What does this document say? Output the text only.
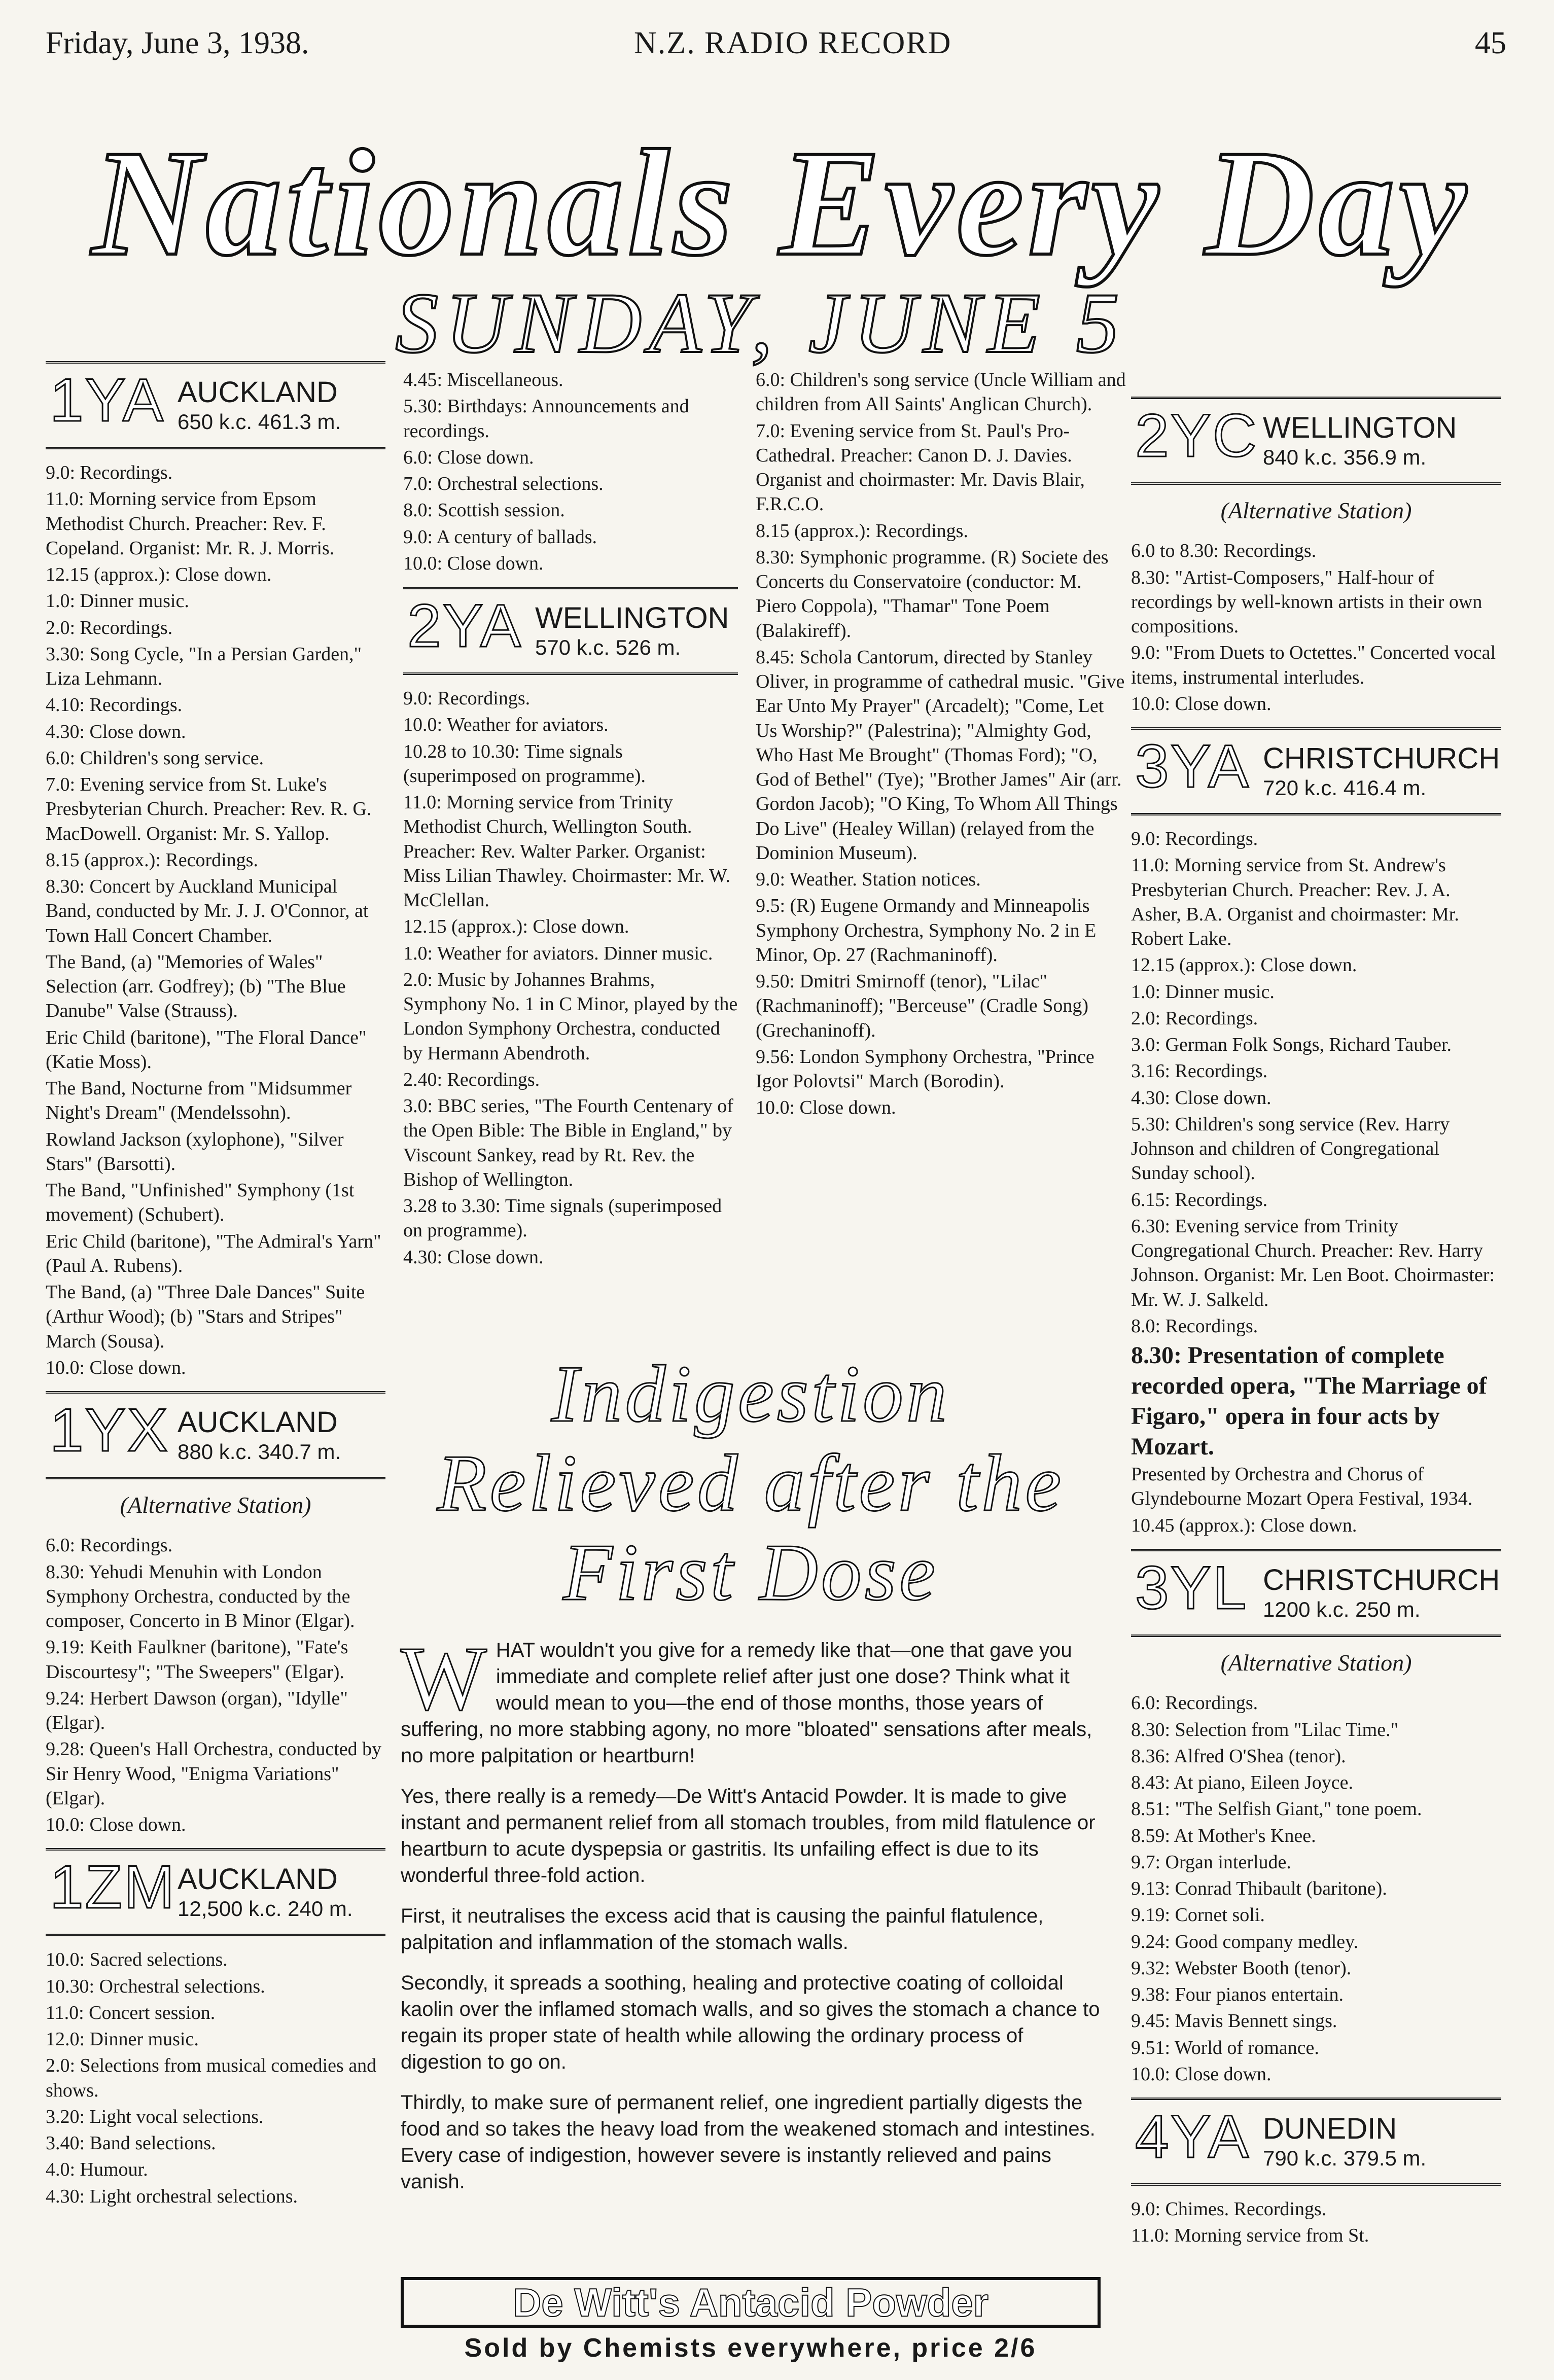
Friday, June 3, 1938.	N.Z. RADIO RECORD	45
Nationals Every Day
SUNDAY, JUNE 5
1YA AUCKLAND
650 k.c. 461.3 m.

9.0: Recordings.

11.0: Morning service from Epsom Methodist Church. Preacher: Rev. F. Copeland. Organist: Mr. R. J. Morris.

12.15 (approx.): Close down.

1.0: Dinner music.

2.0: Recordings.

3.30: Song Cycle, "In a Persian Garden," Liza Lehmann.

4.10: Recordings.

4.30: Close down.

6.0: Children's song service.

7.0: Evening service from St. Luke's Presbyterian Church. Preacher: Rev. R. G. MacDowell. Organist: Mr. S. Yallop.

8.15 (approx.): Recordings.

8.30: Concert by Auckland Municipal Band, conducted by Mr. J. J. O'Connor, at Town Hall Concert Chamber.

The Band, (a) "Memories of Wales" Selection (arr. Godfrey); (b) "The Blue Danube" Valse (Strauss).

Eric Child (baritone), "The Floral Dance" (Katie Moss).

The Band, Nocturne from "Midsummer Night's Dream" (Mendelssohn).

Rowland Jackson (xylophone), "Silver Stars" (Barsotti).

The Band, "Unfinished" Symphony (1st movement) (Schubert).

Eric Child (baritone), "The Admiral's Yarn" (Paul A. Rubens).

The Band, (a) "Three Dale Dances" Suite (Arthur Wood); (b) "Stars and Stripes" March (Sousa).

10.0: Close down.

1YX AUCKLAND
880 k.c. 340.7 m.
(Alternative Station)

6.0: Recordings.

8.30: Yehudi Menuhin with London Symphony Orchestra, conducted by the composer, Concerto in B Minor (Elgar).

9.19: Keith Faulkner (baritone), "Fate's Discourtesy"; "The Sweepers" (Elgar).

9.24: Herbert Dawson (organ), "Idylle" (Elgar).

9.28: Queen's Hall Orchestra, conducted by Sir Henry Wood, "Enigma Variations" (Elgar).

10.0: Close down.

1ZM AUCKLAND
12,500 k.c. 240 m.

10.0: Sacred selections.

10.30: Orchestral selections.

11.0: Concert session.

12.0: Dinner music.

2.0: Selections from musical comedies and shows.

3.20: Light vocal selections.

3.40: Band selections.

4.0: Humour.

4.30: Light orchestral selections.

4.45: Miscellaneous.

5.30: Birthdays: Announcements and recordings.

6.0: Close down.

7.0: Orchestral selections.

8.0: Scottish session.

9.0: A century of ballads.

10.0: Close down.

2YA WELLINGTON
570 k.c. 526 m.

9.0: Recordings.

10.0: Weather for aviators.

10.28 to 10.30: Time signals (superimposed on programme).

11.0: Morning service from Trinity Methodist Church, Wellington South. Preacher: Rev. Walter Parker. Organist: Miss Lilian Thawley. Choirmaster: Mr. W. McClellan.

12.15 (approx.): Close down.

1.0: Weather for aviators. Dinner music.

2.0: Music by Johannes Brahms, Symphony No. 1 in C Minor, played by the London Symphony Orchestra, conducted by Hermann Abendroth.

2.40: Recordings.

3.0: BBC series, "The Fourth Centenary of the Open Bible: The Bible in England," by Viscount Sankey, read by Rt. Rev. the Bishop of Wellington.

3.28 to 3.30: Time signals (superimposed on programme).

4.30: Close down.

6.0: Children's song service (Uncle William and children from All Saints' Anglican Church).

7.0: Evening service from St. Paul's Pro-Cathedral. Preacher: Canon D. J. Davies. Organist and choirmaster: Mr. Davis Blair, F.R.C.O.

8.15 (approx.): Recordings.

8.30: Symphonic programme. (R) Societe des Concerts du Conservatoire (conductor: M. Piero Coppola), "Thamar" Tone Poem (Balakireff).

8.45: Schola Cantorum, directed by Stanley Oliver, in programme of cathedral music. "Give Ear Unto My Prayer" (Arcadelt); "Come, Let Us Worship?" (Palestrina); "Almighty God, Who Hast Me Brought" (Thomas Ford); "O, God of Bethel" (Tye); "Brother James" Air (arr. Gordon Jacob); "O King, To Whom All Things Do Live" (Healey Willan) (relayed from the Dominion Museum).

9.0: Weather. Station notices.

9.5: (R) Eugene Ormandy and Minneapolis Symphony Orchestra, Symphony No. 2 in E Minor, Op. 27 (Rachmaninoff).

9.50: Dmitri Smirnoff (tenor), "Lilac" (Rachmaninoff); "Berceuse" (Cradle Song) (Grechaninoff).

9.56: London Symphony Orchestra, "Prince Igor Polovtsi" March (Borodin).

10.0: Close down.

2YC WELLINGTON
840 k.c. 356.9 m.
(Alternative Station)

6.0 to 8.30: Recordings.

8.30: "Artist-Composers," Half-hour of recordings by well-known artists in their own compositions.

9.0: "From Duets to Octettes." Concerted vocal items, instrumental interludes.

10.0: Close down.

3YA CHRISTCHURCH
720 k.c. 416.4 m.

9.0: Recordings.

11.0: Morning service from St. Andrew's Presbyterian Church. Preacher: Rev. J. A. Asher, B.A. Organist and choirmaster: Mr. Robert Lake.

12.15 (approx.): Close down.

1.0: Dinner music.

2.0: Recordings.

3.0: German Folk Songs, Richard Tauber.

3.16: Recordings.

4.30: Close down.

5.30: Children's song service (Rev. Harry Johnson and children of Congregational Sunday school).

6.15: Recordings.

6.30: Evening service from Trinity Congregational Church. Preacher: Rev. Harry Johnson. Organist: Mr. Len Boot. Choirmaster: Mr. W. J. Salkeld.

8.0: Recordings.

8.30: Presentation of complete recorded opera, "The Marriage of Figaro," opera in four acts by Mozart.

Presented by Orchestra and Chorus of Glyndebourne Mozart Opera Festival, 1934.

10.45 (approx.): Close down.

3YL CHRISTCHURCH
1200 k.c. 250 m.
(Alternative Station)

6.0: Recordings.

8.30: Selection from "Lilac Time."

8.36: Alfred O'Shea (tenor).

8.43: At piano, Eileen Joyce.

8.51: "The Selfish Giant," tone poem.

8.59: At Mother's Knee.

9.7: Organ interlude.

9.13: Conrad Thibault (baritone).

9.19: Cornet soli.

9.24: Good company medley.

9.32: Webster Booth (tenor).

9.38: Four pianos entertain.

9.45: Mavis Bennett sings.

9.51: World of romance.

10.0: Close down.

4YA DUNEDIN
790 k.c. 379.5 m.

9.0: Chimes. Recordings.

11.0: Morning service from St.

Indigestion
Relieved after the
First Dose

WHAT wouldn't you give for a remedy like that—one that gave you immediate and complete relief after just one dose? Think what it would mean to you—the end of those months, those years of suffering, no more stabbing agony, no more "bloated" sensations after meals, no more palpitation or heartburn!

Yes, there really is a remedy—De Witt's Antacid Powder. It is made to give instant and permanent relief from all stomach troubles, from mild flatulence or heartburn to acute dyspepsia or gastritis. Its unfailing effect is due to its wonderful three-fold action.

First, it neutralises the excess acid that is causing the painful flatulence, palpitation and inflammation of the stomach walls.

Secondly, it spreads a soothing, healing and protective coating of colloidal kaolin over the inflamed stomach walls, and so gives the stomach a chance to regain its proper state of health while allowing the ordinary process of digestion to go on.

Thirdly, to make sure of permanent relief, one ingredient partially digests the food and so takes the heavy load from the weakened stomach and intestines. Every case of indigestion, however severe is instantly relieved and pains vanish.

De Witt's Antacid Powder
Sold by Chemists everywhere, price 2/6
